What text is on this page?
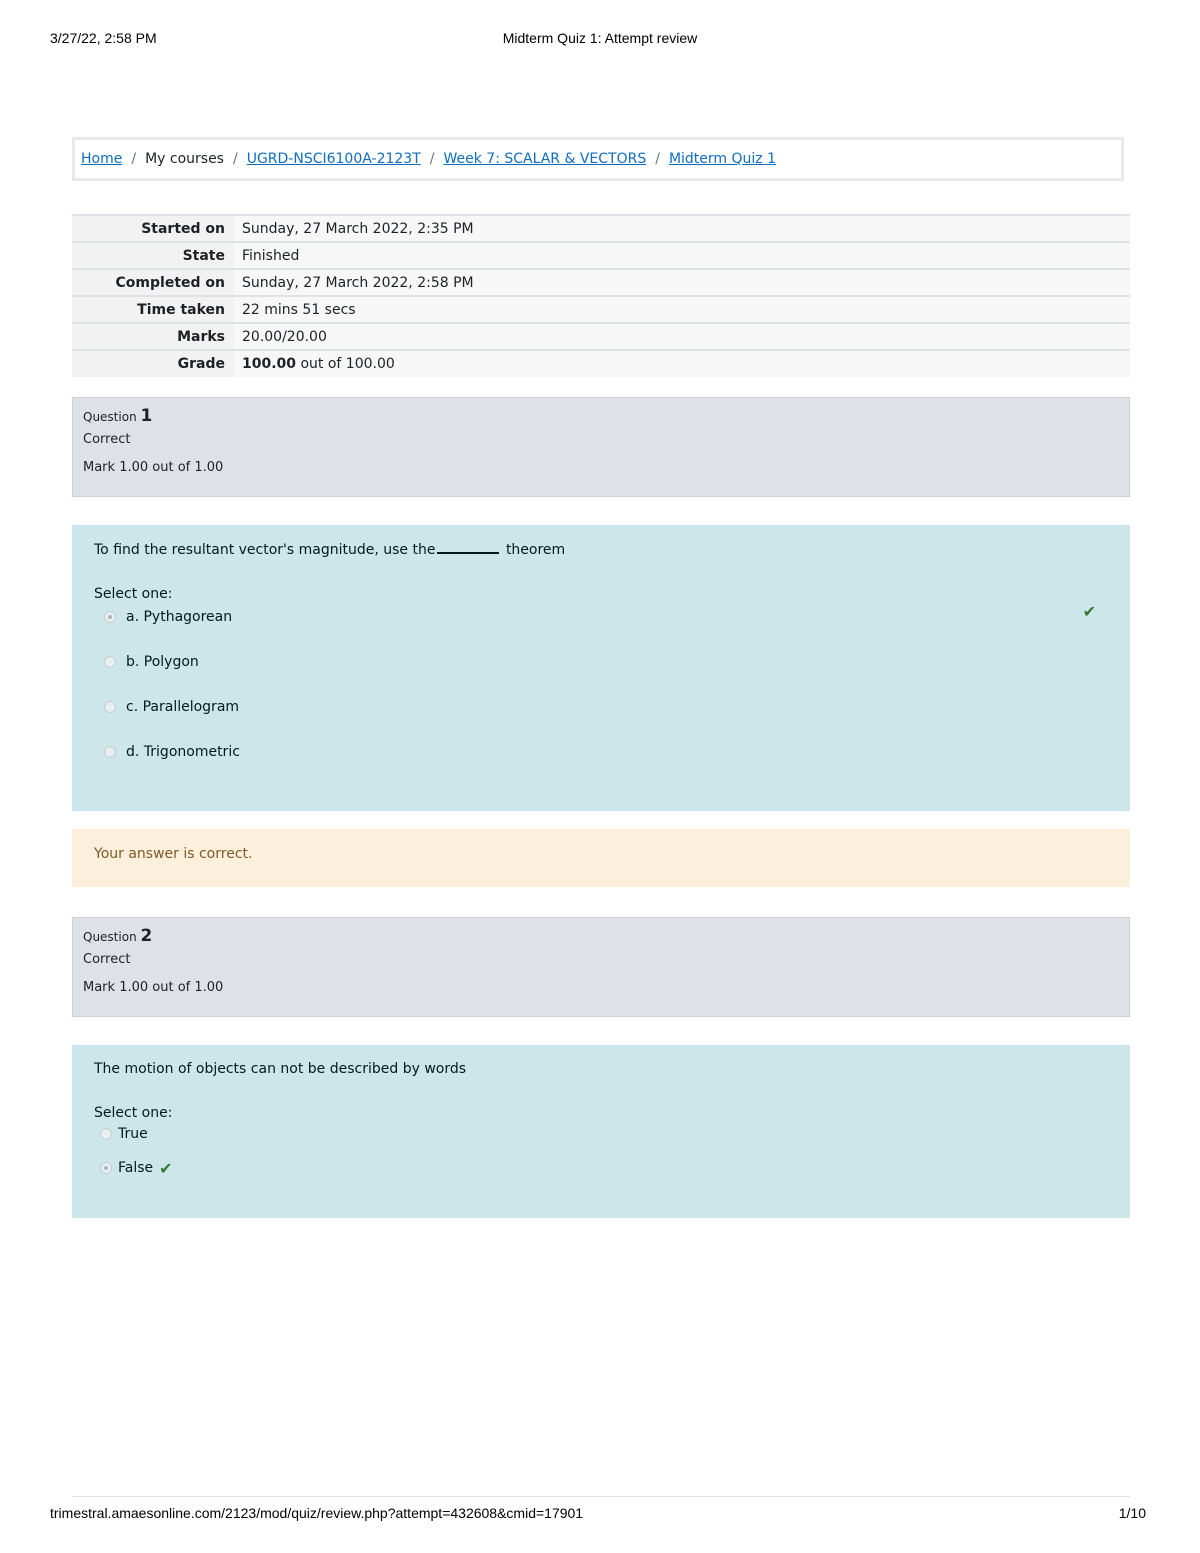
3/27/22, 2:58 PM	Midterm Quiz 1: Attempt review
Home / My courses / UGRD-NSCI6100A-2123T / Week 7: SCALAR & VECTORS / Midterm Quiz 1
Started on	Sunday, 27 March 2022, 2:35 PM
State	Finished
Completed on	Sunday, 27 March 2022, 2:58 PM
Time taken	22 mins 51 secs
Marks	20.00/20.00
Grade	100.00 out of 100.00
Question 1
Correct
Mark 1.00 out of 1.00

To find the resultant vector's magnitude, use the	theorem

Select one:
a. Pythagorean	✔
b. Polygon
c. Parallelogram
d. Trigonometric
Your answer is correct.
Question 2
Correct
Mark 1.00 out of 1.00

The motion of objects can not be described by words

Select one:
True
False ✔
trimestral.amaesonline.com/2123/mod/quiz/review.php?attempt=432608&cmid=17901	1/10
